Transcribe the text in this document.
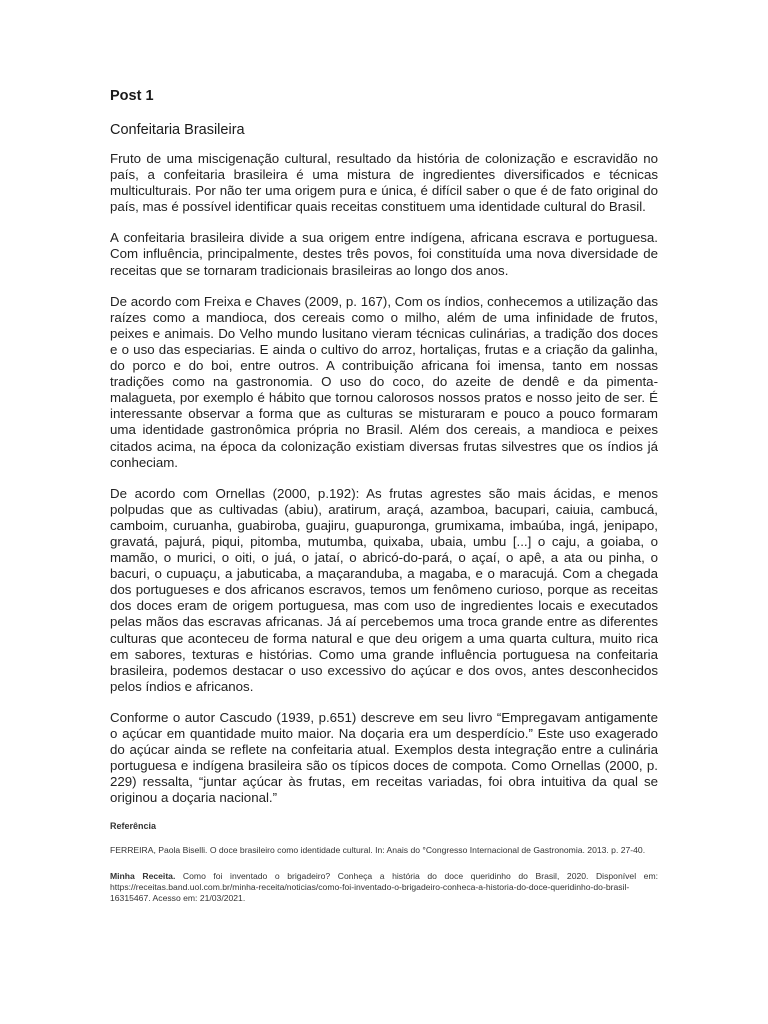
Post 1
Confeitaria Brasileira

Fruto de uma miscigenação cultural, resultado da história de colonização e escravidão no país, a confeitaria brasileira é uma mistura de ingredientes diversificados e técnicas multiculturais. Por não ter uma origem pura e única, é difícil saber o que é de fato original do país, mas é possível identificar quais receitas constituem uma identidade cultural do Brasil.

A confeitaria brasileira divide a sua origem entre indígena, africana escrava e portuguesa. Com influência, principalmente, destes três povos, foi constituída uma nova diversidade de receitas que se tornaram tradicionais brasileiras ao longo dos anos.

De acordo com Freixa e Chaves (2009, p. 167), Com os índios, conhecemos a utilização das raízes como a mandioca, dos cereais como o milho, além de uma infinidade de frutos, peixes e animais. Do Velho mundo lusitano vieram técnicas culinárias, a tradição dos doces e o uso das especiarias. E ainda o cultivo do arroz, hortaliças, frutas e a criação da galinha, do porco e do boi, entre outros. A contribuição africana foi imensa, tanto em nossas tradições como na gastronomia. O uso do coco, do azeite de dendê e da pimenta-malagueta, por exemplo é hábito que tornou calorosos nossos pratos e nosso jeito de ser. É interessante observar a forma que as culturas se misturaram e pouco a pouco formaram uma identidade gastronômica própria no Brasil. Além dos cereais, a mandioca e peixes citados acima, na época da colonização existiam diversas frutas silvestres que os índios já conheciam.

De acordo com Ornellas (2000, p.192): As frutas agrestes são mais ácidas, e menos polpudas que as cultivadas (abiu), aratirum, araçá, azamboa, bacupari, caiuia, cambucá, camboim, curuanha, guabiroba, guajiru, guapuronga, grumixama, imbaúba, ingá, jenipapo, gravatá, pajurá, piqui, pitomba, mutumba, quixaba, ubaia, umbu [...] o caju, a goiaba, o mamão, o murici, o oiti, o juá, o jataí, o abricó-do-pará, o açaí, o apê, a ata ou pinha, o bacuri, o cupuaçu, a jabuticaba, a maçaranduba, a magaba, e o maracujá. Com a chegada dos portugueses e dos africanos escravos, temos um fenômeno curioso, porque as receitas dos doces eram de origem portuguesa, mas com uso de ingredientes locais e executados pelas mãos das escravas africanas. Já aí percebemos uma troca grande entre as diferentes culturas que aconteceu de forma natural e que deu origem a uma quarta cultura, muito rica em sabores, texturas e histórias. Como uma grande influência portuguesa na confeitaria brasileira, podemos destacar o uso excessivo do açúcar e dos ovos, antes desconhecidos pelos índios e africanos.

Conforme o autor Cascudo (1939, p.651) descreve em seu livro “Empregavam antigamente o açúcar em quantidade muito maior. Na doçaria era um desperdício.” Este uso exagerado do açúcar ainda se reflete na confeitaria atual. Exemplos desta integração entre a culinária portuguesa e indígena brasileira são os típicos doces de compota. Como Ornellas (2000, p. 229) ressalta, “juntar açúcar às frutas, em receitas variadas, foi obra intuitiva da qual se originou a doçaria nacional.”

Referência

FERREIRA, Paola Biselli. O doce brasileiro como identidade cultural. In: Anais do °Congresso Internacional de Gastronomia. 2013. p. 27-40.

Minha Receita. Como foi inventado o brigadeiro? Conheça a história do doce queridinho do Brasil, 2020. Disponível em: https://receitas.band.uol.com.br/minha-receita/noticias/como-foi-inventado-o-brigadeiro-conheca-a-historia-do-doce-queridinho-do-brasil-16315467. Acesso em: 21/03/2021.
